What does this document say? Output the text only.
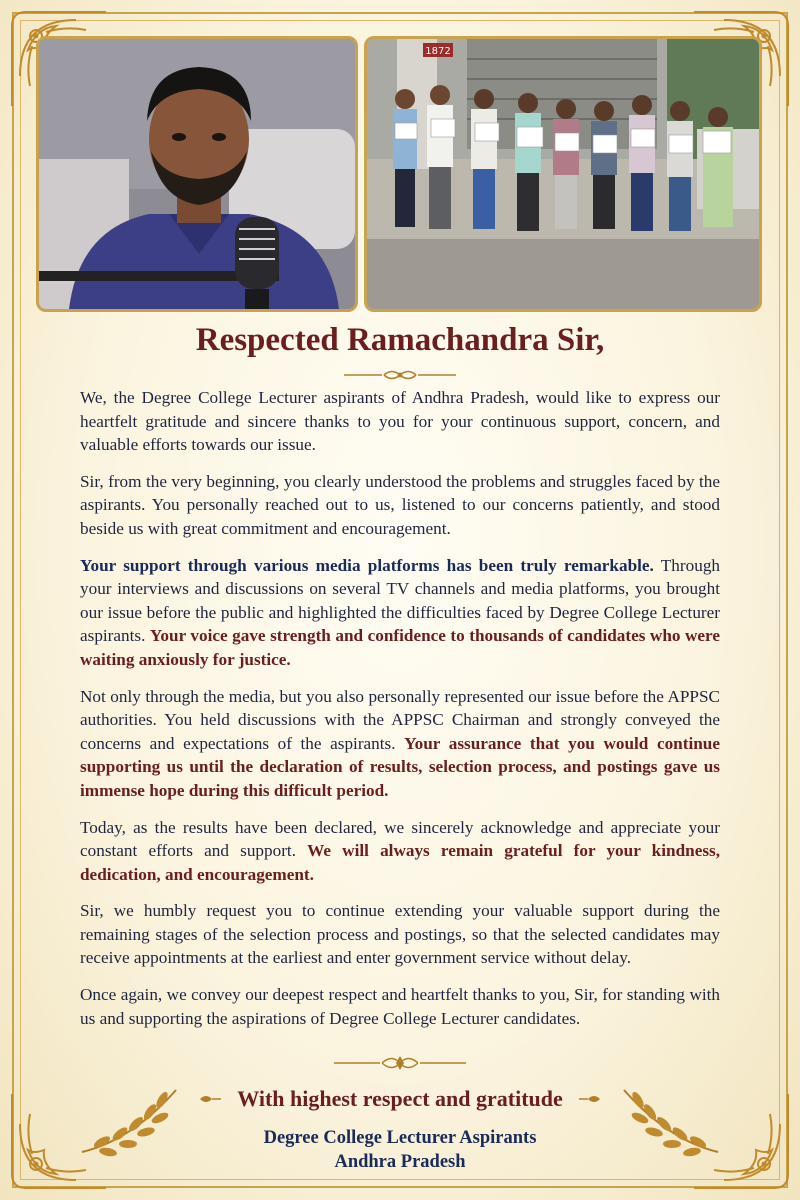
1872
Respected Ramachandra Sir,

We, the Degree College Lecturer aspirants of Andhra Pradesh, would like to express our heartfelt gratitude and sincere thanks to you for your continuous support, concern, and valuable efforts towards our issue.

Sir, from the very beginning, you clearly understood the problems and struggles faced by the aspirants. You personally reached out to us, listened to our concerns patiently, and stood beside us with great commitment and encouragement.

Your support through various media platforms has been truly remarkable. Through your interviews and discussions on several TV channels and media platforms, you brought our issue before the public and highlighted the difficulties faced by Degree College Lecturer aspirants. Your voice gave strength and confidence to thousands of candidates who were waiting anxiously for justice.

Not only through the media, but you also personally represented our issue before the APPSC authorities. You held discussions with the APPSC Chairman and strongly conveyed the concerns and expectations of the aspirants. Your assurance that you would continue supporting us until the declaration of results, selection process, and postings gave us immense hope during this difficult period.

Today, as the results have been declared, we sincerely acknowledge and appreciate your constant efforts and support. We will always remain grateful for your kindness, dedication, and encouragement.

Sir, we humbly request you to continue extending your valuable support during the remaining stages of the selection process and postings, so that the selected candidates may receive appointments at the earliest and enter government service without delay.

Once again, we convey our deepest respect and heartfelt thanks to you, Sir, for standing with us and supporting the aspirations of Degree College Lecturer candidates.

With highest respect and gratitude
Degree College Lecturer Aspirants
Andhra Pradesh
